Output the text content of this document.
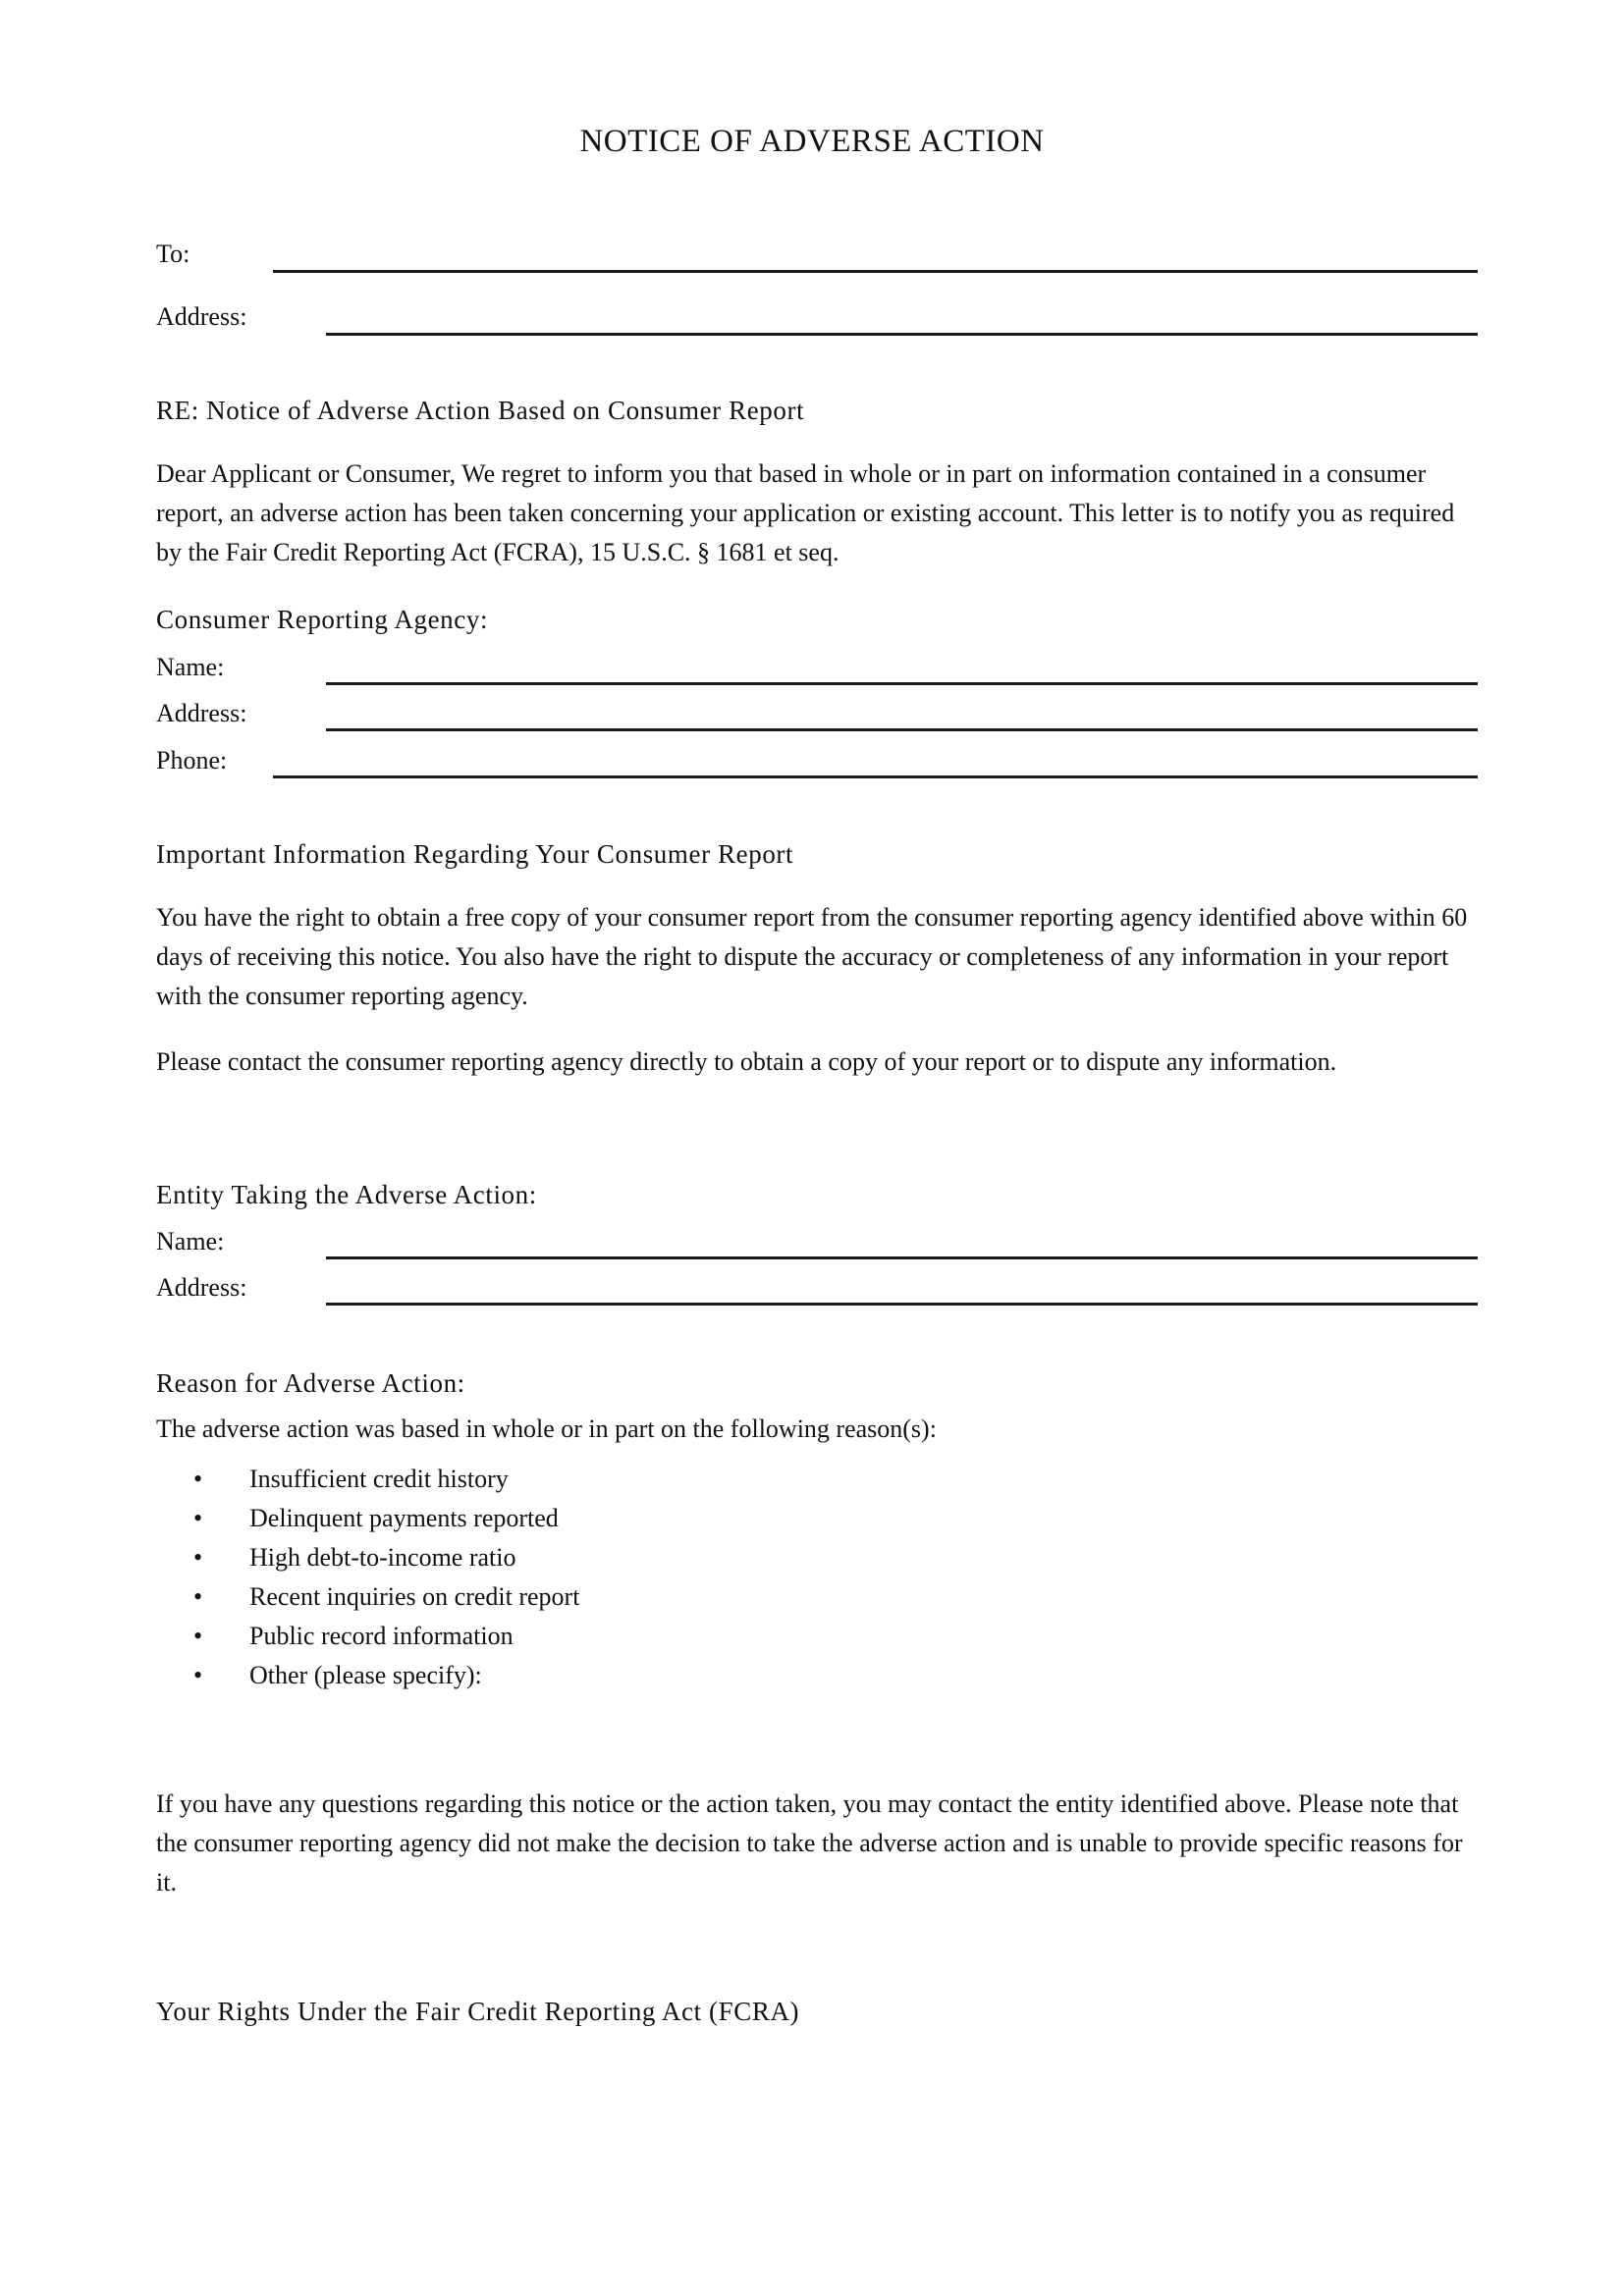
NOTICE OF ADVERSE ACTION
To:
Address:
RE: Notice of Adverse Action Based on Consumer Report
Dear Applicant or Consumer, We regret to inform you that based in whole or in part on information contained in a consumer report, an adverse action has been taken concerning your application or existing account. This letter is to notify you as required by the Fair Credit Reporting Act (FCRA), 15 U.S.C. § 1681 et seq.
Consumer Reporting Agency:
Name:
Address:
Phone:
Important Information Regarding Your Consumer Report
You have the right to obtain a free copy of your consumer report from the consumer reporting agency identified above within 60 days of receiving this notice. You also have the right to dispute the accuracy or completeness of any information in your report with the consumer reporting agency.
Please contact the consumer reporting agency directly to obtain a copy of your report or to dispute any information.
Entity Taking the Adverse Action:
Name:
Address:
Reason for Adverse Action:
The adverse action was based in whole or in part on the following reason(s):
• Insufficient credit history
• Delinquent payments reported
• High debt-to-income ratio
• Recent inquiries on credit report
• Public record information
• Other (please specify):
If you have any questions regarding this notice or the action taken, you may contact the entity identified above. Please note that the consumer reporting agency did not make the decision to take the adverse action and is unable to provide specific reasons for it.
Your Rights Under the Fair Credit Reporting Act (FCRA)
